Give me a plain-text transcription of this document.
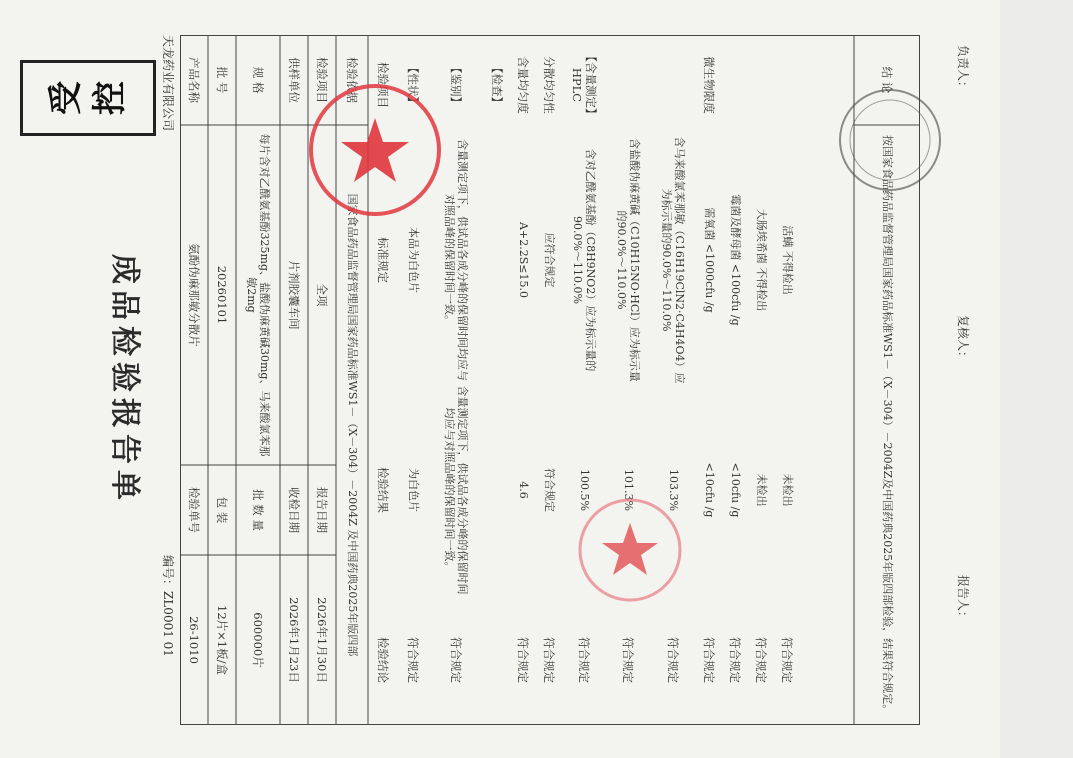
成品检验报告单
天龙药业有限公司
编号：ZL0001 01
产品名称
氨酚伪麻那敏分散片
检验单号
26-1010
批 号
20260101
包 装
12片×1板/盒
规 格
每片含对乙酰氨基酚325mg、盐酸伪麻黄碱30mg、马来酸氯苯那敏2mg
批 数 量
600000片
供样单位
片剂胶囊车间
收检日期
2026年1月23日
检验项目
全项
报告日期
2026年1月30日
检验依据
国家食品药品监督管理局国家药品标准WS1－（X－304）－2004Z 及中国药典2025年版四部
检验项目
标准规定
检验结果
检验结论
【性状】
本品为白色片
为白色片
符合规定
【鉴别】
含量测定项下，供试品各成分峰的保留时间均应与对照品峰的保留时间一致。
含量测定项下，供试品各成分峰的保留时间均应与对照品峰的保留时间一致。
符合规定
【检查】	含量均匀度
A+2.2S≤15.0
4.6
符合规定
分散均匀性
应符合规定
符合规定
符合规定
【含量测定】HPLC
含对乙酰氨基酚（C8H9NO2）应为标示量的90.0%～110.0%
100.5%
符合规定
含盐酸伪麻黄碱（C10H15NO·HCl）应为标示量的90.0%～110.0%
101.3%
符合规定
含马来酸氯苯那敏（C16H19ClN2·C4H4O4）应为标示量的90.0%～110.0%
103.3%
符合规定
微生物限度
需氧菌 <1000cfu /g
<10cfu /g
符合规定
霉菌及酵母菌 <100cfu /g
<10cfu /g
符合规定
大肠埃希菌 不得检出
未检出
符合规定
活螨 不得检出
未检出
符合规定
结 论
按国家食品药品监督管理局国家药品标准WS1－（X－304）－2004Z及中国药典2025年版四部检验，结果符合规定。
负责人：
复核人：
报告人：
受 控
